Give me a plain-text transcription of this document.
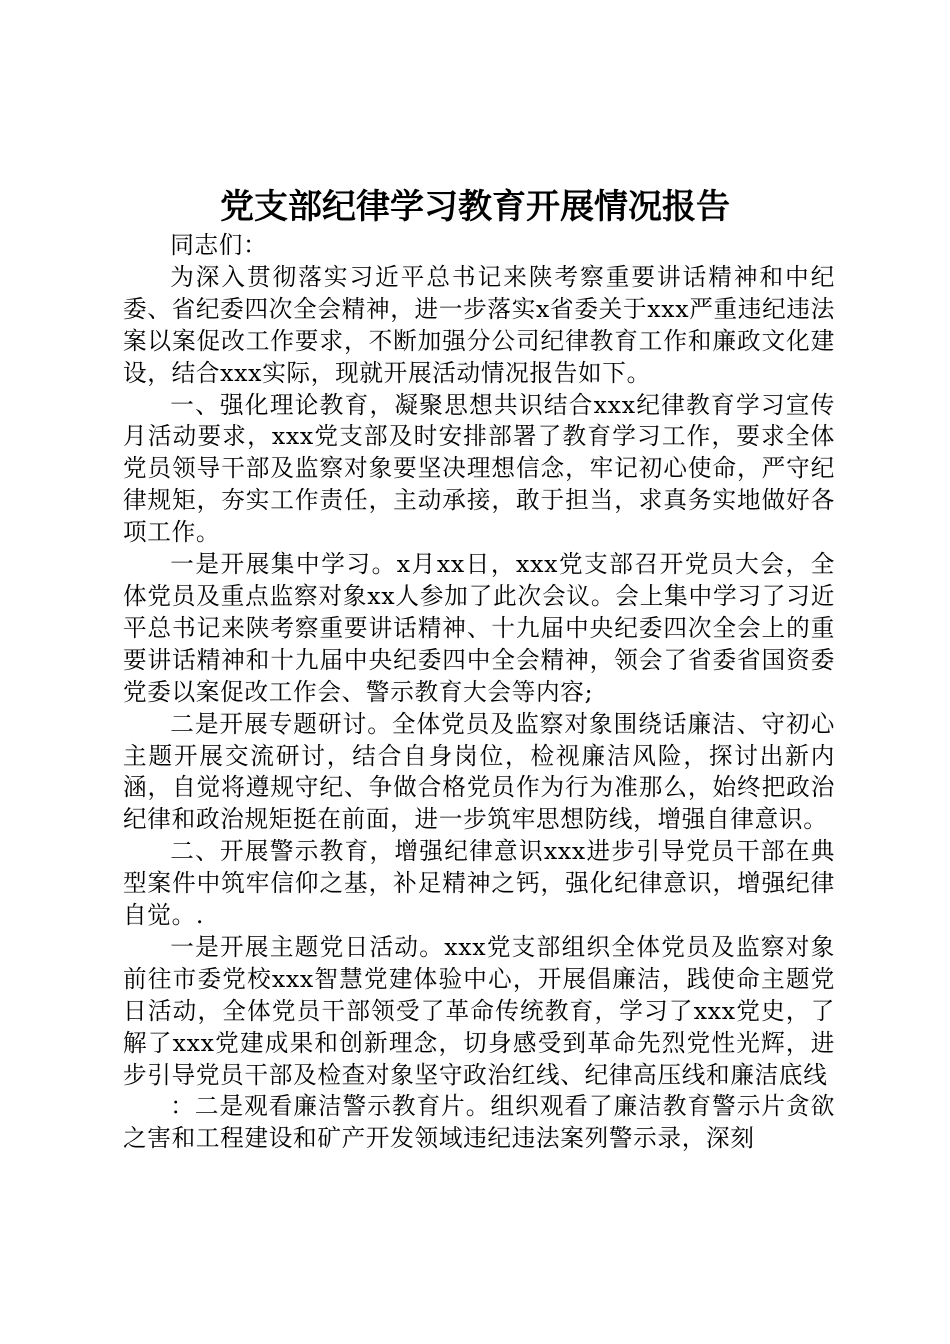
党支部纪律学习教育开展情况报告

同志们：

为深入贯彻落实习近平总书记来陕考察重要讲话精神和中纪委、省纪委四次全会精神，进一步落实x省委关于xxx严重违纪违法案以案促改工作要求，不断加强分公司纪律教育工作和廉政文化建设，结合xxx实际，现就开展活动情况报告如下。

一、强化理论教育，凝聚思想共识结合xxx纪律教育学习宣传月活动要求，xxx党支部及时安排部署了教育学习工作，要求全体党员领导干部及监察对象要坚决理想信念，牢记初心使命，严守纪律规矩，夯实工作责任，主动承接，敢于担当，求真务实地做好各项工作。

一是开展集中学习。x月xx日，xxx党支部召开党员大会，全体党员及重点监察对象xx人参加了此次会议。会上集中学习了习近平总书记来陕考察重要讲话精神、十九届中央纪委四次全会上的重要讲话精神和十九届中央纪委四中全会精神，领会了省委省国资委党委以案促改工作会、警示教育大会等内容;

二是开展专题研讨。全体党员及监察对象围绕话廉洁、守初心主题开展交流研讨，结合自身岗位，检视廉洁风险，探讨出新内涵，自觉将遵规守纪、争做合格党员作为行为准那么，始终把政治纪律和政治规矩挺在前面，进一步筑牢思想防线，增强自律意识。

二、开展警示教育，增强纪律意识xxx进步引导党员干部在典型案件中筑牢信仰之基，补足精神之钙，强化纪律意识，增强纪律自觉。.

一是开展主题党日活动。xxx党支部组织全体党员及监察对象前往市委党校xxx智慧党建体验中心，开展倡廉洁，践使命主题党日活动，全体党员干部领受了革命传统教育，学习了xxx党史，了解了xxx党建成果和创新理念，切身感受到革命先烈党性光辉，进步引导党员干部及检查对象坚守政治红线、纪律高压线和廉洁底线

：二是观看廉洁警示教育片。组织观看了廉洁教育警示片贪欲之害和工程建设和矿产开发领域违纪违法案列警示录，深刻
